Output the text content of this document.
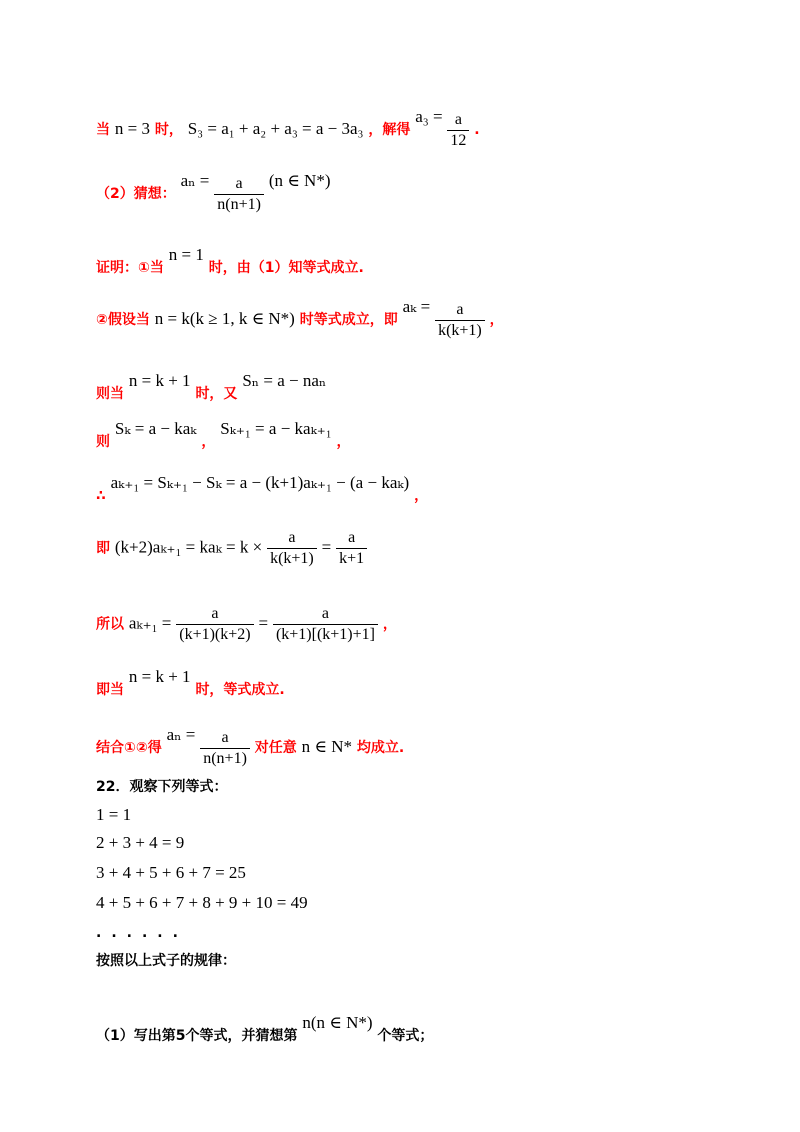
当 n = 3 时， S₃ = a₁ + a₂ + a₃ = a − 3a₃ ，解得 $a_3 = \frac{a}{12}$ .
（2）猜想： $a_n = \frac{a}{n(n+1)} (n$ ∈ N*)
证明：①当 n = 1 时，由（1）知等式成立.
②假设当 n = k(k ≥ 1, k ∈ N*) 时等式成立，即 $a_k = \frac{a}{k(k+1)}$ ，
则当 n = k + 1 时，又 Sₙ = a − naₙ
则 Sₖ = a − kaₖ ， Sₖ₊₁ = a − kaₖ₊₁ ，
∴ aₖ₊₁ = Sₖ₊₁ − Sₖ = a − (k+1)aₖ₊₁ − (a − kaₖ) ，
即 $(k+2)a_{k+1} = ka_k = k \times \frac{a}{k(k+1)} = \frac{a}{k+1}$
所以 $a_{k+1} = \frac{a}{(k+1)(k+2)} = \frac{a}{(k+1)[(k+1)+1]}$ ，
即当 n = k + 1 时，等式成立.
结合①②得 $a_n = \frac{a}{n(n+1)}$ 对任意 n ∈ N* 均成立.
22．观察下列等式：
1 = 1
2 + 3 + 4 = 9
3 + 4 + 5 + 6 + 7 = 25
4 + 5 + 6 + 7 + 8 + 9 + 10 = 49
......
按照以上式子的规律：
（1）写出第5个等式，并猜想第 n(n ∈ N*) 个等式；
